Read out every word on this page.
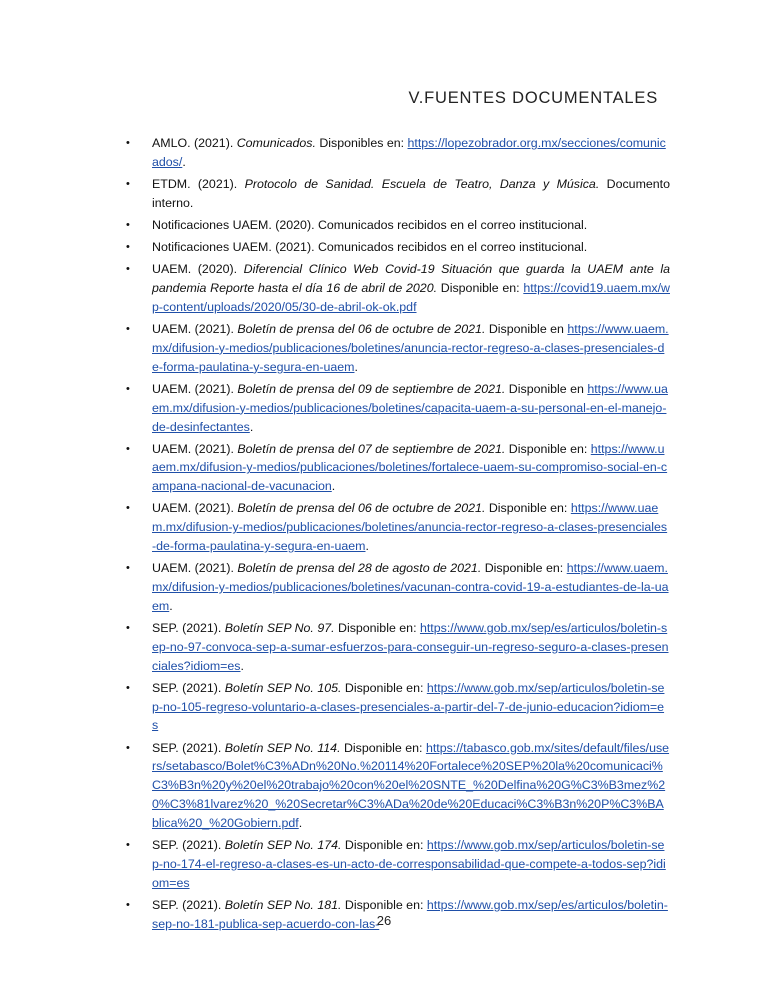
V.FUENTES DOCUMENTALES
• AMLO. (2021). Comunicados. Disponibles en: https://lopezobrador.org.mx/secciones/comunicados/.
• ETDM. (2021). Protocolo de Sanidad. Escuela de Teatro, Danza y Música. Documento interno.
• Notificaciones UAEM. (2020). Comunicados recibidos en el correo institucional.
• Notificaciones UAEM. (2021). Comunicados recibidos en el correo institucional.
• UAEM. (2020). Diferencial Clínico Web Covid-19 Situación que guarda la UAEM ante la pandemia Reporte hasta el día 16 de abril de 2020. Disponible en: https://covid19.uaem.mx/wp-content/uploads/2020/05/30-de-abril-ok-ok.pdf
• UAEM. (2021). Boletín de prensa del 06 de octubre de 2021. Disponible en https://www.uaem.mx/difusion-y-medios/publicaciones/boletines/anuncia-rector-regreso-a-clases-presenciales-de-forma-paulatina-y-segura-en-uaem.
• UAEM. (2021). Boletín de prensa del 09 de septiembre de 2021. Disponible en https://www.uaem.mx/difusion-y-medios/publicaciones/boletines/capacita-uaem-a-su-personal-en-el-manejo-de-desinfectantes.
• UAEM. (2021). Boletín de prensa del 07 de septiembre de 2021. Disponible en: https://www.uaem.mx/difusion-y-medios/publicaciones/boletines/fortalece-uaem-su-compromiso-social-en-campana-nacional-de-vacunacion.
• UAEM. (2021). Boletín de prensa del 06 de octubre de 2021. Disponible en: https://www.uaem.mx/difusion-y-medios/publicaciones/boletines/anuncia-rector-regreso-a-clases-presenciales-de-forma-paulatina-y-segura-en-uaem.
• UAEM. (2021). Boletín de prensa del 28 de agosto de 2021. Disponible en: https://www.uaem.mx/difusion-y-medios/publicaciones/boletines/vacunan-contra-covid-19-a-estudiantes-de-la-uaem.
• SEP. (2021). Boletín SEP No. 97. Disponible en: https://www.gob.mx/sep/es/articulos/boletin-sep-no-97-convoca-sep-a-sumar-esfuerzos-para-conseguir-un-regreso-seguro-a-clases-presenciales?idiom=es.
• SEP. (2021). Boletín SEP No. 105. Disponible en: https://www.gob.mx/sep/articulos/boletin-sep-no-105-regreso-voluntario-a-clases-presenciales-a-partir-del-7-de-junio-educacion?idiom=es
• SEP. (2021). Boletín SEP No. 114. Disponible en: https://tabasco.gob.mx/sites/default/files/users/setabasco/Bolet%C3%ADn%20No.%20114%20Fortalece%20SEP%20la%20comunicaci%C3%B3n%20y%20el%20trabajo%20con%20el%20SNTE_%20Delfina%20G%C3%B3mez%20%C3%81lvarez%20_%20Secretar%C3%ADa%20de%20Educaci%C3%B3n%20P%C3%BAblica%20_%20Gobiern.pdf.
• SEP. (2021). Boletín SEP No. 174. Disponible en: https://www.gob.mx/sep/articulos/boletin-sep-no-174-el-regreso-a-clases-es-un-acto-de-corresponsabilidad-que-compete-a-todos-sep?idiom=es
• SEP. (2021). Boletín SEP No. 181. Disponible en: https://www.gob.mx/sep/es/articulos/boletin-sep-no-181-publica-sep-acuerdo-con-las-
26
